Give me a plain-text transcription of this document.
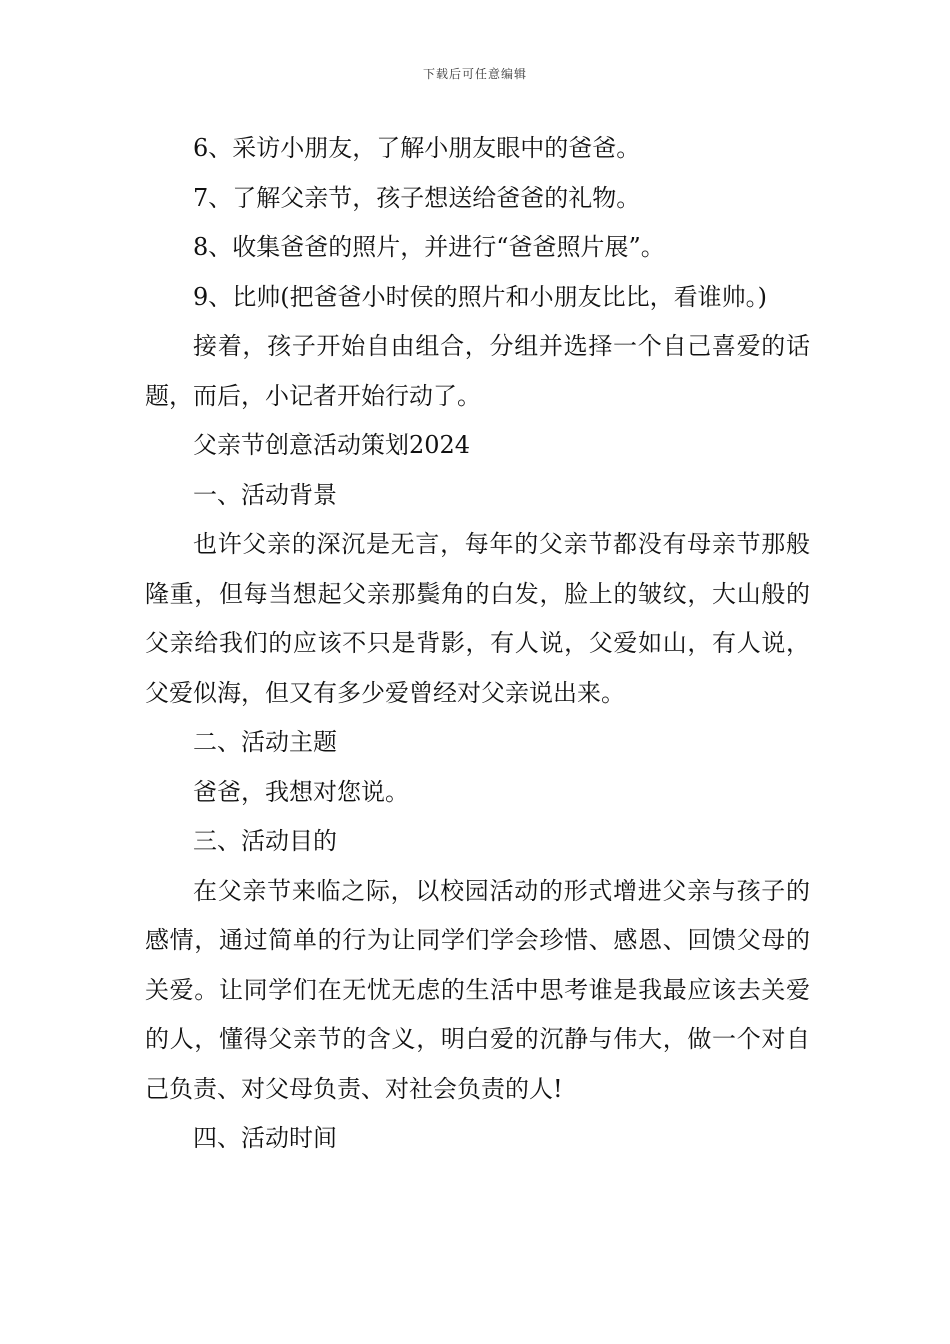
下载后可任意编辑

6、采访小朋友，了解小朋友眼中的爸爸。

7、了解父亲节，孩子想送给爸爸的礼物。

8、收集爸爸的照片，并进行“爸爸照片展”。

9、比帅(把爸爸小时侯的照片和小朋友比比，看谁帅。)

接着，孩子开始自由组合，分组并选择一个自己喜爱的话题，而后，小记者开始行动了。

父亲节创意活动策划2024

一、活动背景

也许父亲的深沉是无言，每年的父亲节都没有母亲节那般隆重，但每当想起父亲那鬓角的白发，脸上的皱纹，大山般的父亲给我们的应该不只是背影，有人说，父爱如山，有人说，父爱似海，但又有多少爱曾经对父亲说出来。

二、活动主题

爸爸，我想对您说。

三、活动目的

在父亲节来临之际，以校园活动的形式增进父亲与孩子的感情，通过简单的行为让同学们学会珍惜、感恩、回馈父母的关爱。让同学们在无忧无虑的生活中思考谁是我最应该去关爱的人，懂得父亲节的含义，明白爱的沉静与伟大，做一个对自己负责、对父母负责、对社会负责的人!

四、活动时间
